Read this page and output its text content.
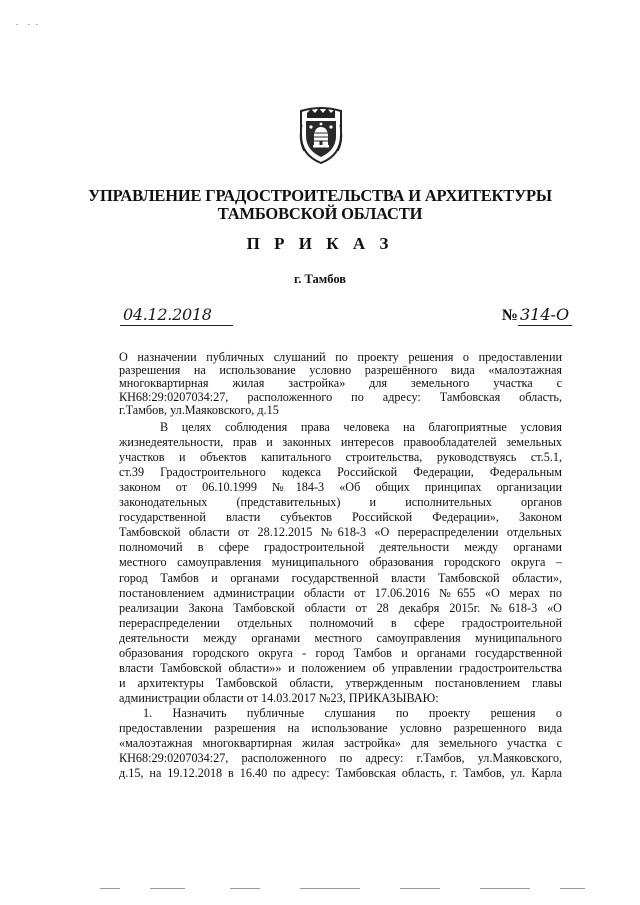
УПРАВЛЕНИЕ ГРАДОСТРОИТЕЛЬСТВА И АРХИТЕКТУРЫ
ТАМБОВСКОЙ ОБЛАСТИ
П Р И К А З
г. Тамбов
04.12.2018	№ 314-О
О назначении публичных слушаний по проекту решения о предоставлении
разрешения на использование условно разрешённого вида «малоэтажная
многоквартирная жилая застройка» для земельного участка с
КН68:29:0207034:27, расположенного по адресу: Тамбовская область,
г.Тамбов, ул.Маяковского, д.15
В целях соблюдения права человека на благоприятные условия
жизнедеятельности, прав и законных интересов правообладателей земельных
участков и объектов капитального строительства, руководствуясь ст.5.1,
ст.39 Градостроительного кодекса Российской Федерации, Федеральным
законом от 06.10.1999 №184-3 «Об общих принципах организации
законодательных (представительных) и исполнительных органов
государственной власти субъектов Российской Федерации», Законом
Тамбовской области от 28.12.2015 №618-3 «О перераспределении отдельных
полномочий в сфере градостроительной деятельности между органами
местного самоуправления муниципального образования городского округа –
город Тамбов и органами государственной власти Тамбовской области»,
постановлением администрации области от 17.06.2016 №655 «О мерах по
реализации Закона Тамбовской области от 28 декабря 2015г. №618-3 «О
перераспределении отдельных полномочий в сфере градостроительной
деятельности между органами местного самоуправления муниципального
образования городского округа - город Тамбов и органами государственной
власти Тамбовской области»» и положением об управлении градостроительства
и архитектуры Тамбовской области, утвержденным постановлением главы
администрации области от 14.03.2017 №23, ПРИКАЗЫВАЮ:
1. Назначить публичные слушания по проекту решения о
предоставлении разрешения на использование условно разрешенного вида
«малоэтажная многоквартирная жилая застройка» для земельного участка с
КН68:29:0207034:27, расположенного по адресу: г.Тамбов, ул.Маяковского,
д.15, на 19.12.2018 в 16.40 по адресу: Тамбовская область, г. Тамбов, ул. Карла
